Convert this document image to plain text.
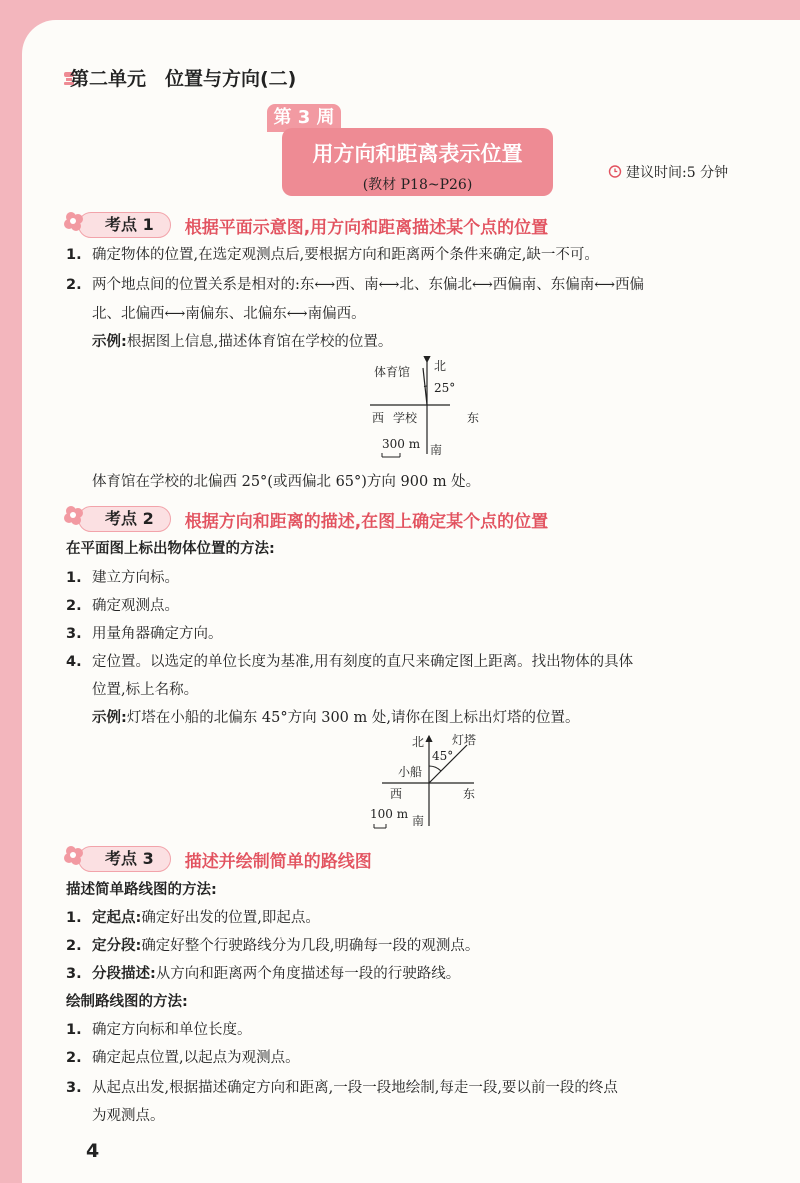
第二单元　位置与方向(二)
第 3 周
用方向和距离表示位置
(教材 P18~P26)
建议时间:5 分钟
考点 1	根据平面示意图,用方向和距离描述某个点的位置
1. 确定物体的位置,在选定观测点后,要根据方向和距离两个条件来确定,缺一不可。
2. 两个地点间的位置关系是相对的:东⟷西、南⟷北、东偏北⟷西偏南、东偏南⟷西偏
北、北偏西⟷南偏东、北偏东⟷南偏西。
示例:根据图上信息,描述体育馆在学校的位置。
体育馆 北
25°
西 学校	东
300 m 南
体育馆在学校的北偏西 25°(或西偏北 65°)方向 900 m 处。
考点 2	根据方向和距离的描述,在图上确定某个点的位置
在平面图上标出物体位置的方法:
1. 建立方向标。
2. 确定观测点。
3. 用量角器确定方向。
4. 定位置。以选定的单位长度为基准,用有刻度的直尺来确定图上距离。找出物体的具体
位置,标上名称。
示例:灯塔在小船的北偏东 45°方向 300 m 处,请你在图上标出灯塔的位置。
北 灯塔
45°
小船
西	东
100 m 南
考点 3	描述并绘制简单的路线图
描述简单路线图的方法:
1. 定起点:确定好出发的位置,即起点。
2. 定分段:确定好整个行驶路线分为几段,明确每一段的观测点。
3. 分段描述:从方向和距离两个角度描述每一段的行驶路线。
绘制路线图的方法:
1. 确定方向标和单位长度。
2. 确定起点位置,以起点为观测点。
3. 从起点出发,根据描述确定方向和距离,一段一段地绘制,每走一段,要以前一段的终点
为观测点。
4
